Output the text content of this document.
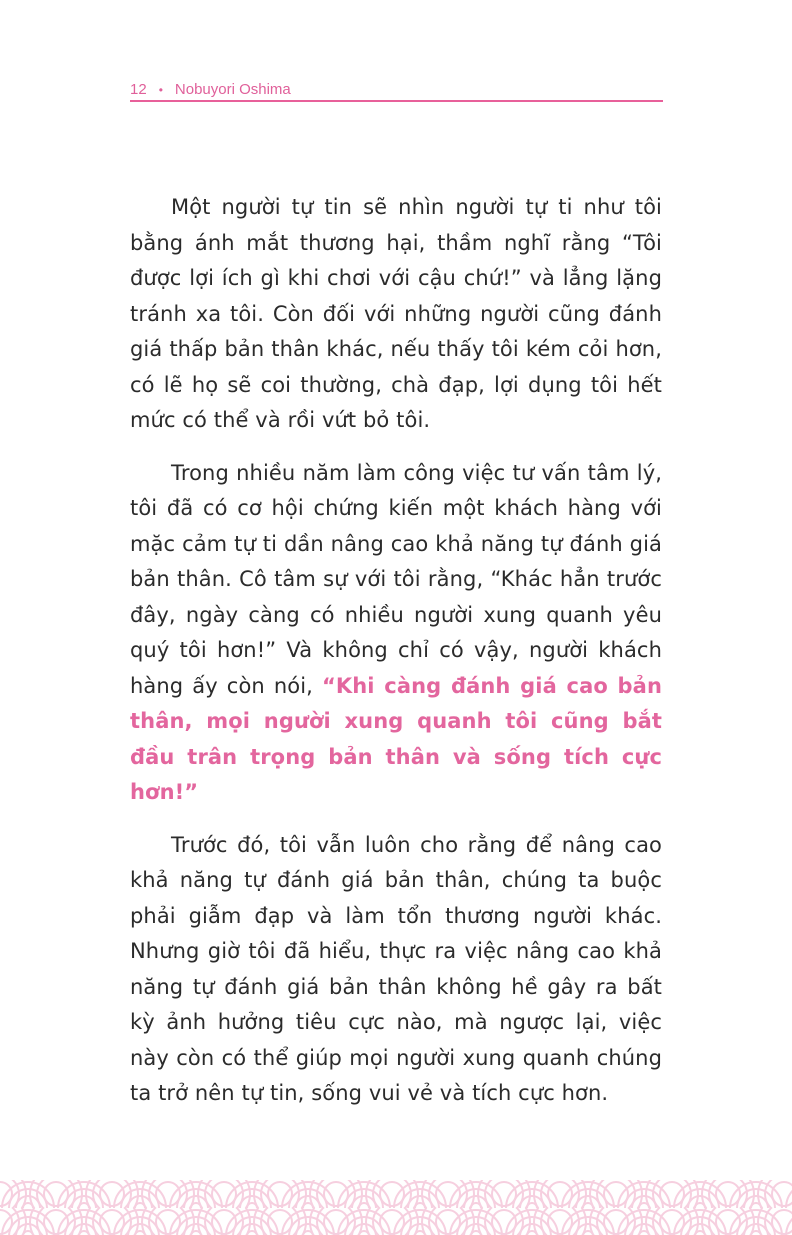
12 • Nobuyori Oshima

Một người tự tin sẽ nhìn người tự ti như tôi bằng ánh mắt thương hại, thầm nghĩ rằng “Tôi được lợi ích gì khi chơi với cậu chứ!” và lẳng lặng tránh xa tôi. Còn đối với những người cũng đánh giá thấp bản thân khác, nếu thấy tôi kém cỏi hơn, có lẽ họ sẽ coi thường, chà đạp, lợi dụng tôi hết mức có thể và rồi vứt bỏ tôi.

Trong nhiều năm làm công việc tư vấn tâm lý, tôi đã có cơ hội chứng kiến một khách hàng với mặc cảm tự ti dần nâng cao khả năng tự đánh giá bản thân. Cô tâm sự với tôi rằng, “Khác hẳn trước đây, ngày càng có nhiều người xung quanh yêu quý tôi hơn!” Và không chỉ có vậy, người khách hàng ấy còn nói, “Khi càng đánh giá cao bản thân, mọi người xung quanh tôi cũng bắt đầu trân trọng bản thân và sống tích cực hơn!”

Trước đó, tôi vẫn luôn cho rằng để nâng cao khả năng tự đánh giá bản thân, chúng ta buộc phải giẫm đạp và làm tổn thương người khác. Nhưng giờ tôi đã hiểu, thực ra việc nâng cao khả năng tự đánh giá bản thân không hề gây ra bất kỳ ảnh hưởng tiêu cực nào, mà ngược lại, việc này còn có thể giúp mọi người xung quanh chúng ta trở nên tự tin, sống vui vẻ và tích cực hơn.
